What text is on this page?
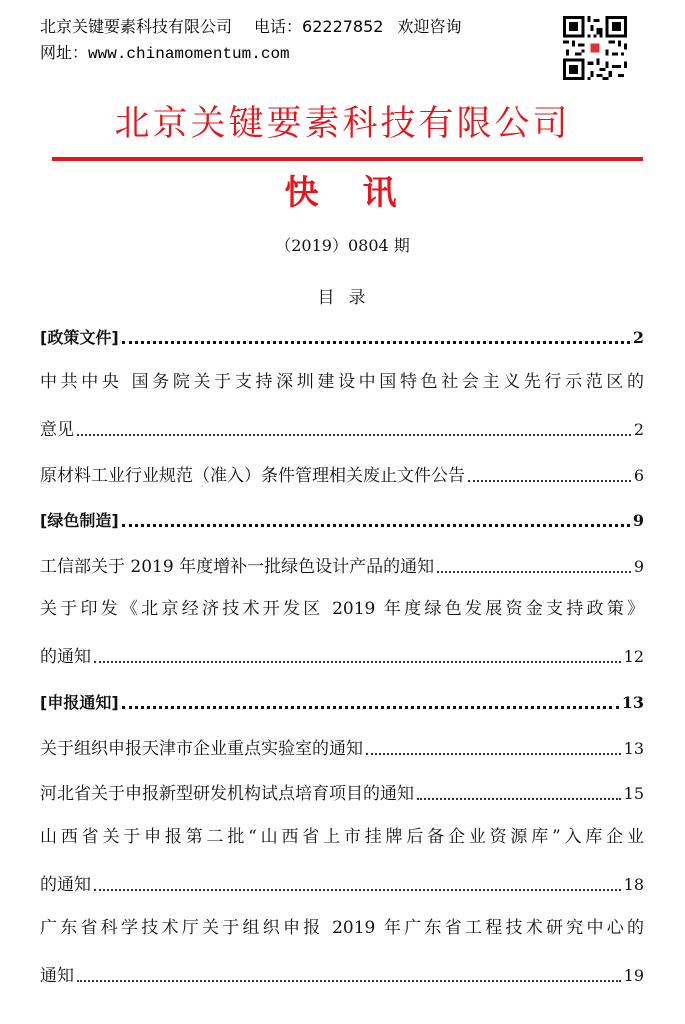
北京关键要素科技有限公司 电话：62227852 欢迎咨询
网址：www.chinamomentum.com
北京关键要素科技有限公司
快 讯
（2019）0804 期
目 录
[政策文件]	2
中共中央 国务院关于支持深圳建设中国特色社会主义先行示范区的
意见	2
原材料工业行业规范（准入）条件管理相关废止文件公告	6
[绿色制造]	9
工信部关于 2019 年度增补一批绿色设计产品的通知	9
关于印发《北京经济技术开发区 2019 年度绿色发展资金支持政策》
的通知	12
[申报通知]	13
关于组织申报天津市企业重点实验室的通知	13
河北省关于申报新型研发机构试点培育项目的通知	15
山西省关于申报第二批“山西省上市挂牌后备企业资源库”入库企业
的通知	18
广东省科学技术厅关于组织申报 2019 年广东省工程技术研究中心的
通知	19
